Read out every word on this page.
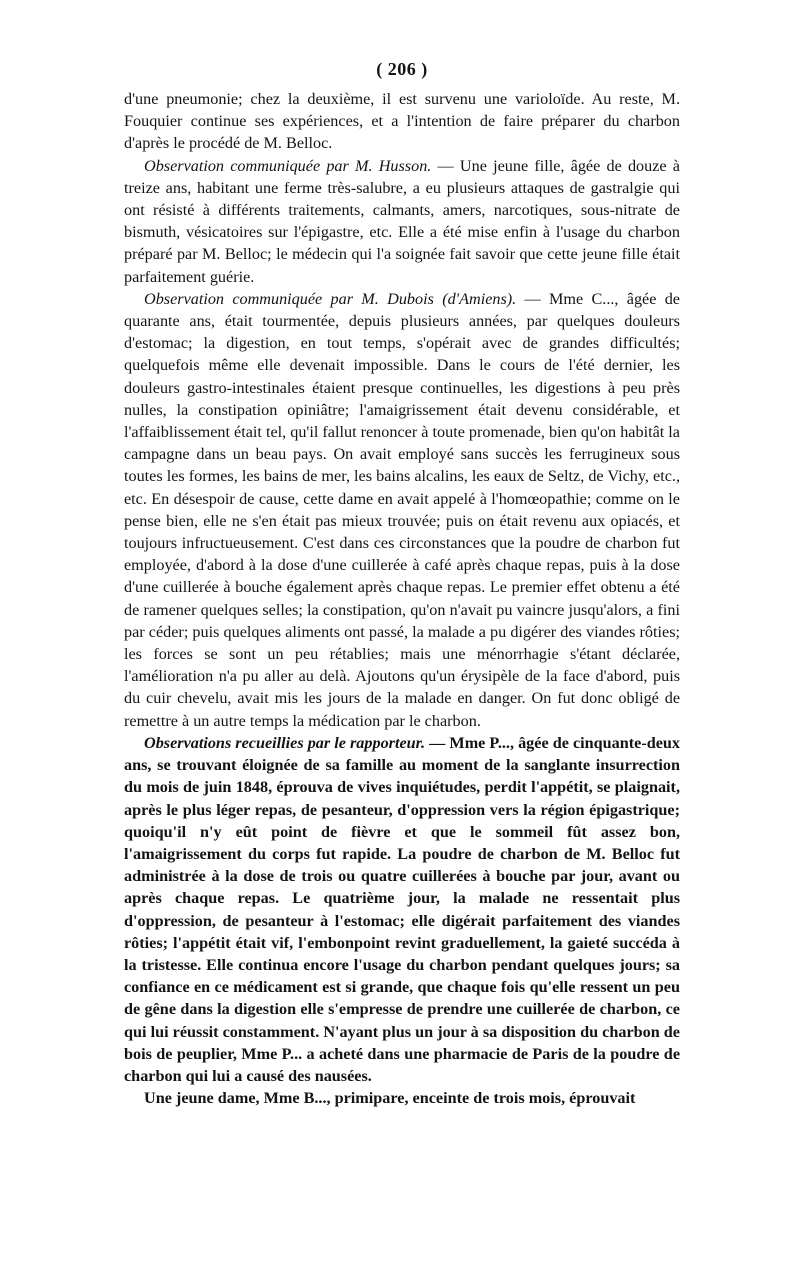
( 206 )

d'une pneumonie; chez la deuxième, il est survenu une varioloïde. Au reste, M. Fouquier continue ses expériences, et a l'intention de faire préparer du charbon d'après le procédé de M. Belloc.

Observation communiquée par M. Husson. — Une jeune fille, âgée de douze à treize ans, habitant une ferme très-salubre, a eu plusieurs attaques de gastralgie qui ont résisté à différents traitements, calmants, amers, narcotiques, sous-nitrate de bismuth, vésicatoires sur l'épigastre, etc. Elle a été mise enfin à l'usage du charbon préparé par M. Belloc; le médecin qui l'a soignée fait savoir que cette jeune fille était parfaitement guérie.

Observation communiquée par M. Dubois (d'Amiens). — Mme C..., âgée de quarante ans, était tourmentée, depuis plusieurs années, par quelques douleurs d'estomac; la digestion, en tout temps, s'opérait avec de grandes difficultés; quelquefois même elle devenait impossible. Dans le cours de l'été dernier, les douleurs gastro-intestinales étaient presque continuelles, les digestions à peu près nulles, la constipation opiniâtre; l'amaigrissement était devenu considérable, et l'affaiblissement était tel, qu'il fallut renoncer à toute promenade, bien qu'on habitât la campagne dans un beau pays. On avait employé sans succès les ferrugineux sous toutes les formes, les bains de mer, les bains alcalins, les eaux de Seltz, de Vichy, etc., etc. En désespoir de cause, cette dame en avait appelé à l'homœopathie; comme on le pense bien, elle ne s'en était pas mieux trouvée; puis on était revenu aux opiacés, et toujours infructueusement. C'est dans ces circonstances que la poudre de charbon fut employée, d'abord à la dose d'une cuillerée à café après chaque repas, puis à la dose d'une cuillerée à bouche également après chaque repas. Le premier effet obtenu a été de ramener quelques selles; la constipation, qu'on n'avait pu vaincre jusqu'alors, a fini par céder; puis quelques aliments ont passé, la malade a pu digérer des viandes rôties; les forces se sont un peu rétablies; mais une ménorrhagie s'étant déclarée, l'amélioration n'a pu aller au delà. Ajoutons qu'un érysipèle de la face d'abord, puis du cuir chevelu, avait mis les jours de la malade en danger. On fut donc obligé de remettre à un autre temps la médication par le charbon.

Observations recueillies par le rapporteur. — Mme P..., âgée de cinquante-deux ans, se trouvant éloignée de sa famille au moment de la sanglante insurrection du mois de juin 1848, éprouva de vives inquiétudes, perdit l'appétit, se plaignait, après le plus léger repas, de pesanteur, d'oppression vers la région épigastrique; quoiqu'il n'y eût point de fièvre et que le sommeil fût assez bon, l'amaigrissement du corps fut rapide. La poudre de charbon de M. Belloc fut administrée à la dose de trois ou quatre cuillerées à bouche par jour, avant ou après chaque repas. Le quatrième jour, la malade ne ressentait plus d'oppression, de pesanteur à l'estomac; elle digérait parfaitement des viandes rôties; l'appétit était vif, l'embonpoint revint graduellement, la gaieté succéda à la tristesse. Elle continua encore l'usage du charbon pendant quelques jours; sa confiance en ce médicament est si grande, que chaque fois qu'elle ressent un peu de gêne dans la digestion elle s'empresse de prendre une cuillerée de charbon, ce qui lui réussit constamment. N'ayant plus un jour à sa disposition du charbon de bois de peuplier, Mme P... a acheté dans une pharmacie de Paris de la poudre de charbon qui lui a causé des nausées.

Une jeune dame, Mme B..., primipare, enceinte de trois mois, éprouvait
